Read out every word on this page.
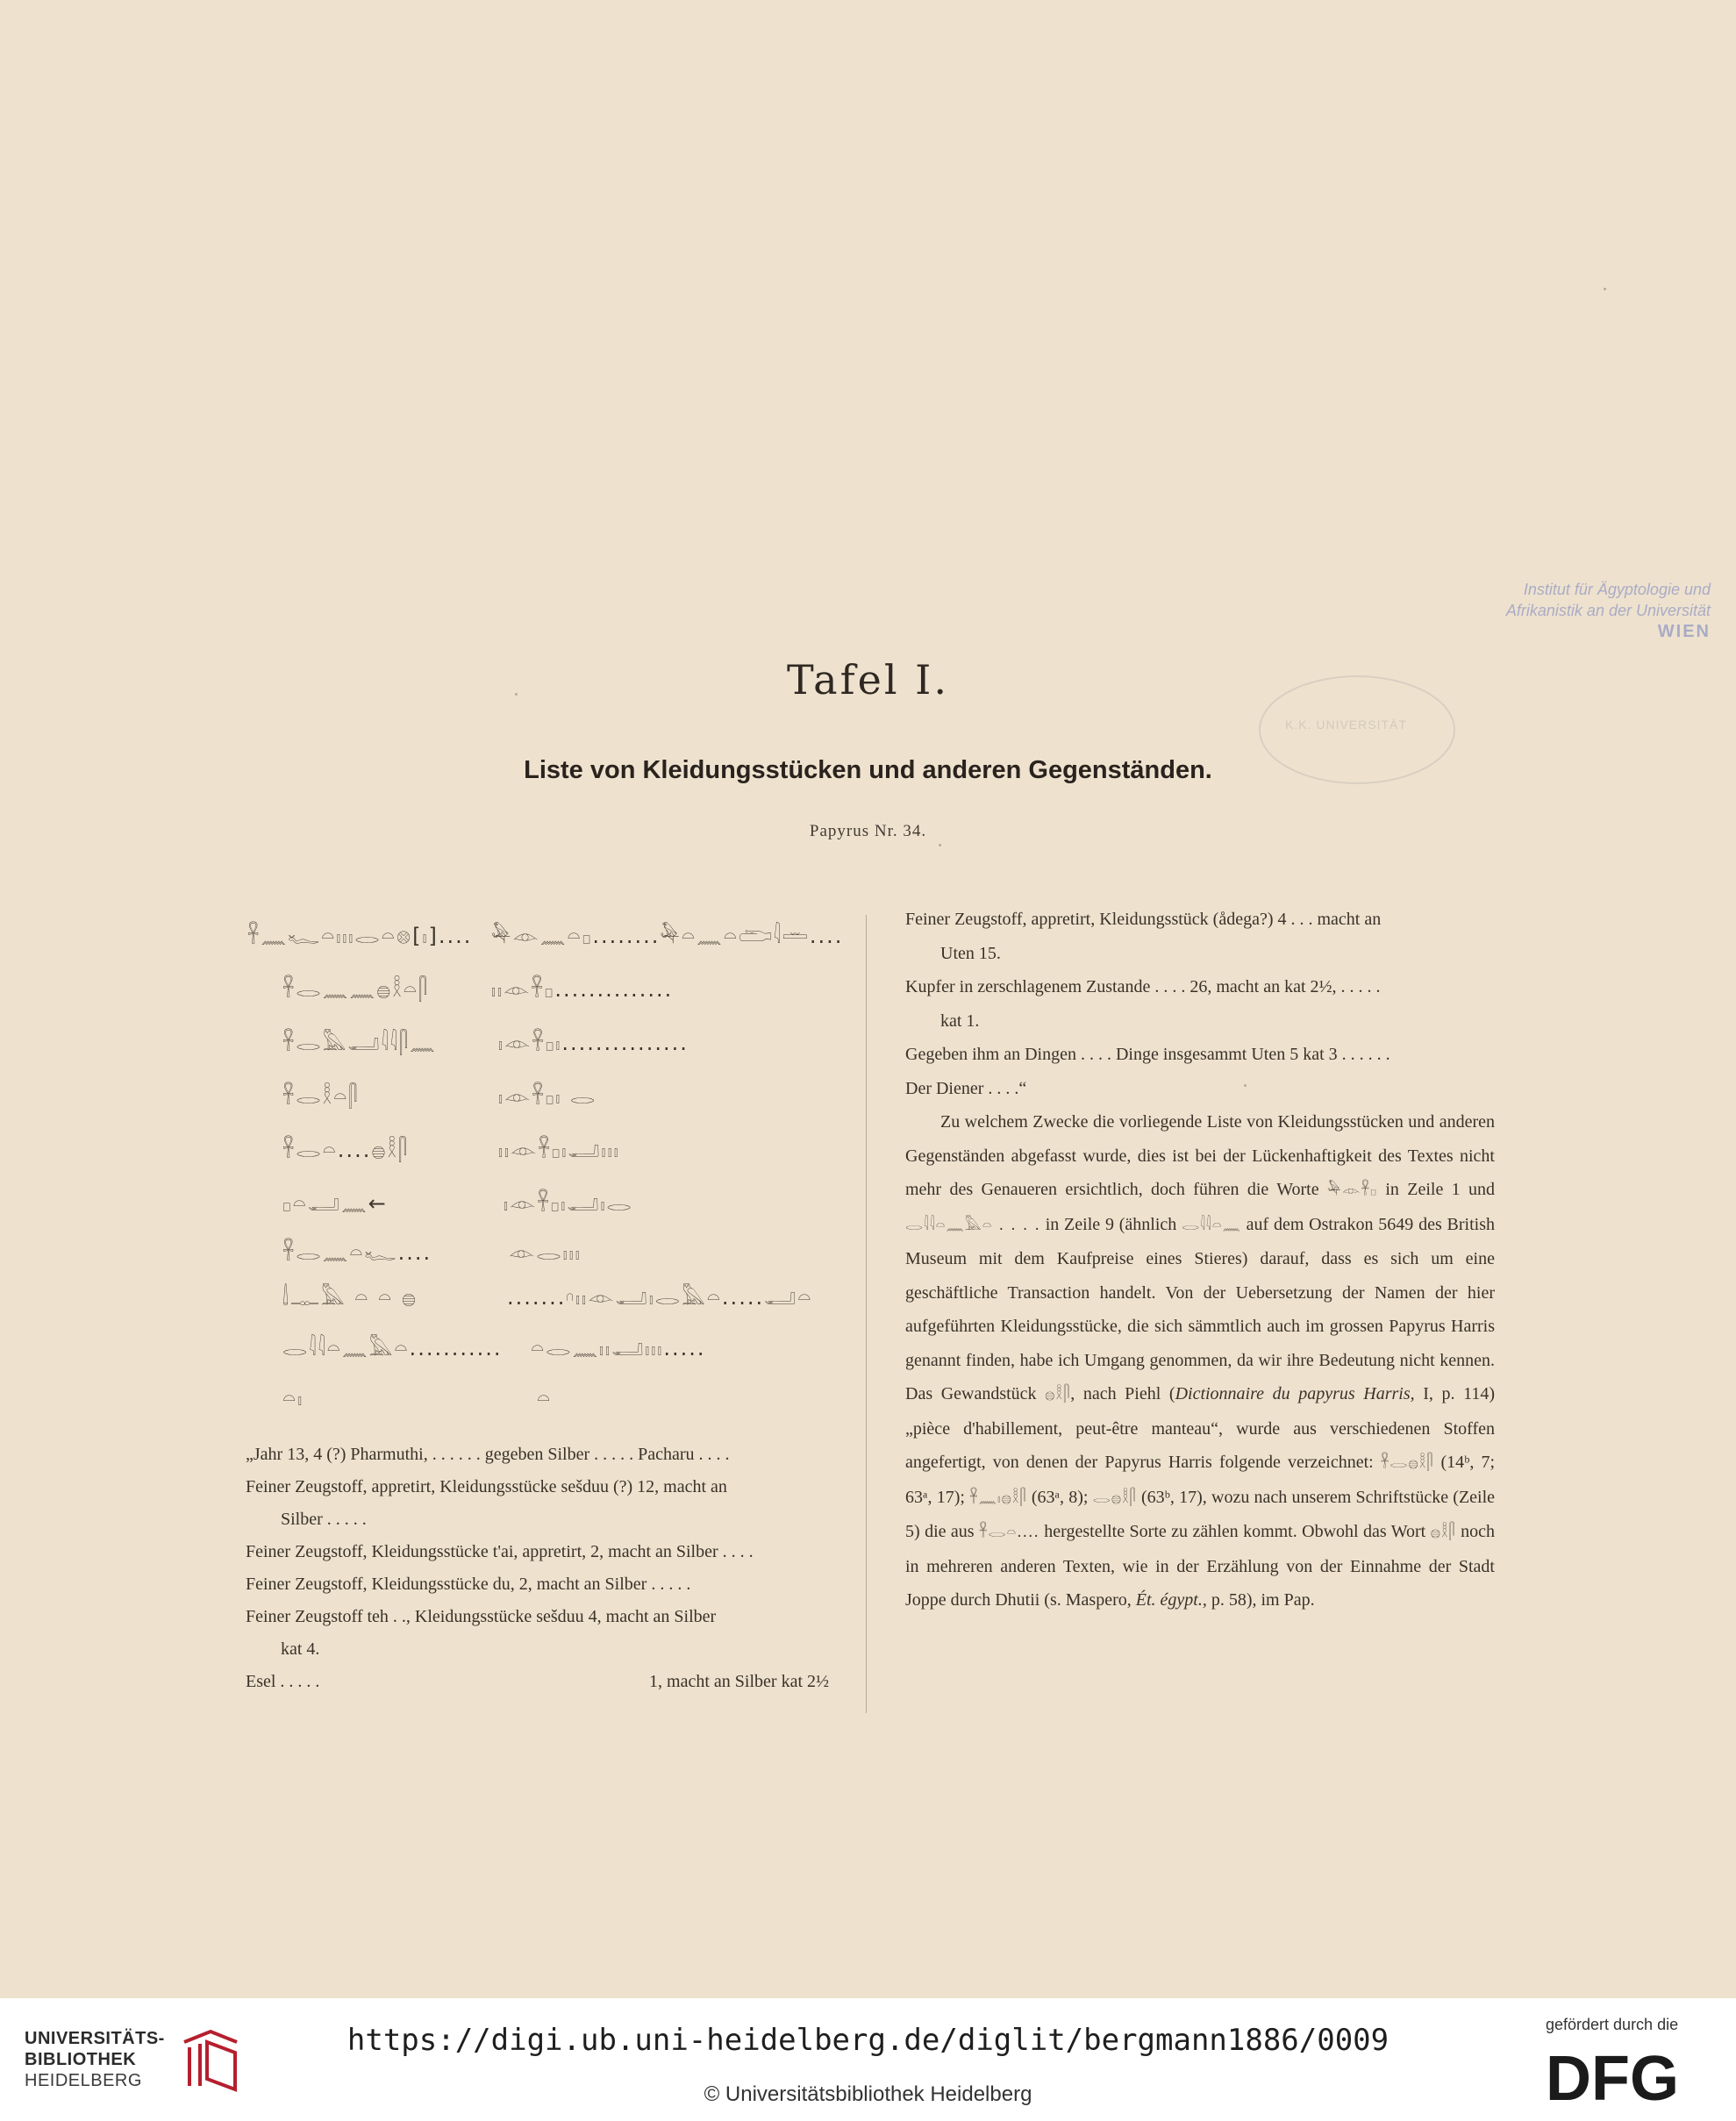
Institut für Ägyptologie und
Afrikanistik an der Universität
WIEN
K.K. UNIVERSITÄT
Tafel I.
Liste von Kleidungsstücken und anderen Gegenständen.
Papyrus Nr. 34.
𓋹𓈖𓆑𓏏𓏤𓏤𓏤𓂋𓏏𓊖[𓏤].... 𓅆𓁹𓈖𓏏𓊪........𓅆𓏏𓈖𓏏𓂧𓇋𓏛....
𓋹𓂋𓈖𓈖𓐍𓎛𓏏𓋴	𓏤𓏤𓁹𓋹𓊪..............
𓋹𓂋𓅓𓂝𓇋𓇋𓋴𓈖	𓏤𓁹𓋹𓊪𓏤...............
𓋹𓂋𓎛𓏏𓋴	𓏤𓁹𓋹𓊪𓏤 𓂋
𓋹𓂋𓏏....𓐍𓎛𓋴	𓏤𓏤𓁹𓋹𓊪𓏤𓂝𓏤𓏤𓏤
𓊪𓏏𓂝𓈖←	𓏤𓁹𓋹𓊪𓏤𓂝𓏤𓂋
𓋹𓂋𓈖𓏏𓆑....	𓁹𓂋𓏤𓏤𓏤
𓌃𓊃𓅓 𓏏 𓏏 𓐍	.......𓎆𓏤𓏤𓁹𓂝𓏤𓂋𓅓𓏏.....𓂝𓏏
𓂋𓇋𓇋𓏏𓈖𓅓𓏏........... 𓏏𓂋𓈖𓏤𓏤𓂝𓏤𓏤𓏤.....
𓏏𓏤	𓏏

„Jahr 13, 4 (?) Pharmuthi, . . . . . . gegeben Silber . . . . . Pacharu . . . .

Feiner Zeugstoff, appretirt, Kleidungsstücke sešduu (?) 12, macht an

Silber . . . . .

Feiner Zeugstoff, Kleidungsstücke t'ai, appretirt, 2, macht an Silber . . . .

Feiner Zeugstoff, Kleidungsstücke du, 2, macht an Silber . . . . .

Feiner Zeugstoff teh . ., Kleidungsstücke sešduu 4, macht an Silber

kat 4.

Esel . . . . .	1, macht an Silber kat 2½

Feiner Zeugstoff, appretirt, Kleidungsstück (ådega?) 4 . . . macht an

Uten 15.

Kupfer in zerschlagenem Zustande . . . . 26, macht an kat 2½, . . . . .

kat 1.

Gegeben ihm an Dingen . . . . Dinge insgesammt Uten 5 kat 3 . . . . . .

Der Diener . . . .“

Zu welchem Zwecke die vorliegende Liste von Kleidungsstücken und anderen Gegenständen abgefasst wurde, dies ist bei der Lückenhaftigkeit des Textes nicht mehr des Genaueren ersichtlich, doch führen die Worte 𓅆𓁹𓋹𓊪 in Zeile 1 und 𓂋𓇋𓇋𓏏𓈖𓅓𓏏 . . . . in Zeile 9 (ähnlich 𓂋𓇋𓇋𓏏𓈖 auf dem Ostrakon 5649 des British Museum mit dem Kaufpreise eines Stieres) darauf, dass es sich um eine geschäftliche Transaction handelt. Von der Uebersetzung der Namen der hier aufgeführten Kleidungsstücke, die sich sämmtlich auch im grossen Papyrus Harris genannt finden, habe ich Umgang genommen, da wir ihre Bedeutung nicht kennen. Das Gewandstück 𓐍𓎛𓋴, nach Piehl (Dictionnaire du papyrus Harris, I, p. 114) „pièce d'habillement, peut-être manteau“, wurde aus verschiedenen Stoffen angefertigt, von denen der Papyrus Harris folgende verzeichnet: 𓋹𓂋𓐍𓎛𓋴 (14ᵇ, 7; 63ᵃ, 17); 𓋹𓈖𓏤𓐍𓎛𓋴 (63ᵃ, 8); 𓂋𓐍𓎛𓋴 (63ᵇ, 17), wozu nach unserem Schriftstücke (Zeile 5) die aus 𓋹𓂋𓏏.... hergestellte Sorte zu zählen kommt. Obwohl das Wort 𓐍𓎛𓋴 noch in mehreren anderen Texten, wie in der Erzählung von der Einnahme der Stadt Joppe durch Dhutii (s. Maspero, Ét. égypt., p. 58), im Pap.

UNIVERSITÄTS-
BIBLIOTHEK
HEIDELBERG
https://digi.ub.uni-heidelberg.de/diglit/bergmann1886/0009
© Universitätsbibliothek Heidelberg
gefördert durch die
DFG
